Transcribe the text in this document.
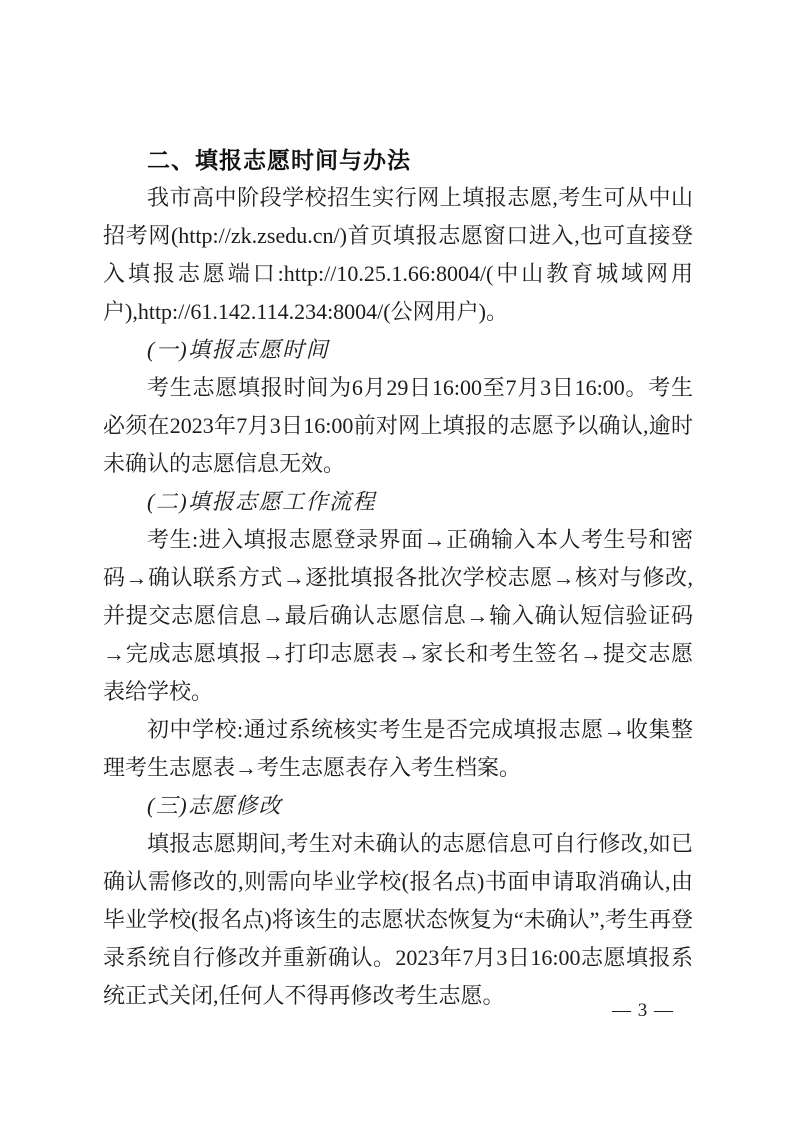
二、填报志愿时间与办法

我市高中阶段学校招生实行网上填报志愿,考生可从中山招考网(http://zk.zsedu.cn/)首页填报志愿窗口进入,也可直接登入填报志愿端口:http://10.25.1.66:8004/(中山教育城域网用户),http://61.142.114.234:8004/(公网用户)。

(一)填报志愿时间

考生志愿填报时间为6月29日16:00至7月3日16:00。考生必须在2023年7月3日16:00前对网上填报的志愿予以确认,逾时未确认的志愿信息无效。

(二)填报志愿工作流程

考生:进入填报志愿登录界面→正确输入本人考生号和密码→确认联系方式→逐批填报各批次学校志愿→核对与修改,并提交志愿信息→最后确认志愿信息→输入确认短信验证码→完成志愿填报→打印志愿表→家长和考生签名→提交志愿表给学校。

初中学校:通过系统核实考生是否完成填报志愿→收集整理考生志愿表→考生志愿表存入考生档案。

(三)志愿修改

填报志愿期间,考生对未确认的志愿信息可自行修改,如已确认需修改的,则需向毕业学校(报名点)书面申请取消确认,由毕业学校(报名点)将该生的志愿状态恢复为“未确认”,考生再登录系统自行修改并重新确认。2023年7月3日16:00志愿填报系统正式关闭,任何人不得再修改考生志愿。

— 3 —
